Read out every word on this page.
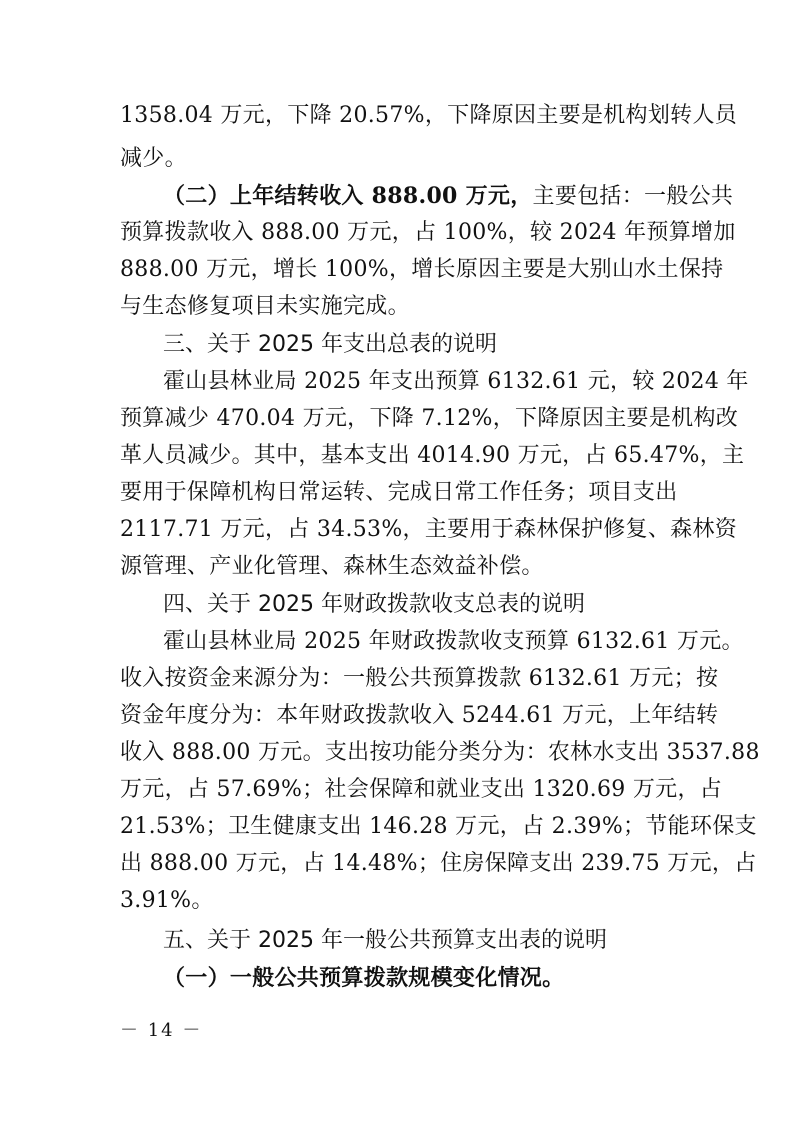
1358.04 万元，下降 20.57%，下降原因主要是机构划转人员
减少。
（二）上年结转收入 888.00 万元，主要包括：一般公共
预算拨款收入 888.00 万元，占 100%，较 2024 年预算增加
888.00 万元，增长 100%，增长原因主要是大别山水土保持
与生态修复项目未实施完成。
三、关于 2025 年支出总表的说明
霍山县林业局 2025 年支出预算 6132.61 元，较 2024 年
预算减少 470.04 万元，下降 7.12%，下降原因主要是机构改
革人员减少。其中，基本支出 4014.90 万元，占 65.47%，主
要用于保障机构日常运转、完成日常工作任务；项目支出
2117.71 万元，占 34.53%，主要用于森林保护修复、森林资
源管理、产业化管理、森林生态效益补偿。
四、关于 2025 年财政拨款收支总表的说明
霍山县林业局 2025 年财政拨款收支预算 6132.61 万元。
收入按资金来源分为：一般公共预算拨款 6132.61 万元；按
资金年度分为：本年财政拨款收入 5244.61 万元，上年结转
收入 888.00 万元。支出按功能分类分为：农林水支出 3537.88
万元，占 57.69%；社会保障和就业支出 1320.69 万元，占
21.53%；卫生健康支出 146.28 万元，占 2.39%；节能环保支
出 888.00 万元，占 14.48%；住房保障支出 239.75 万元，占
3.91%。
五、关于 2025 年一般公共预算支出表的说明
（一）一般公共预算拨款规模变化情况。
－ 14 －
